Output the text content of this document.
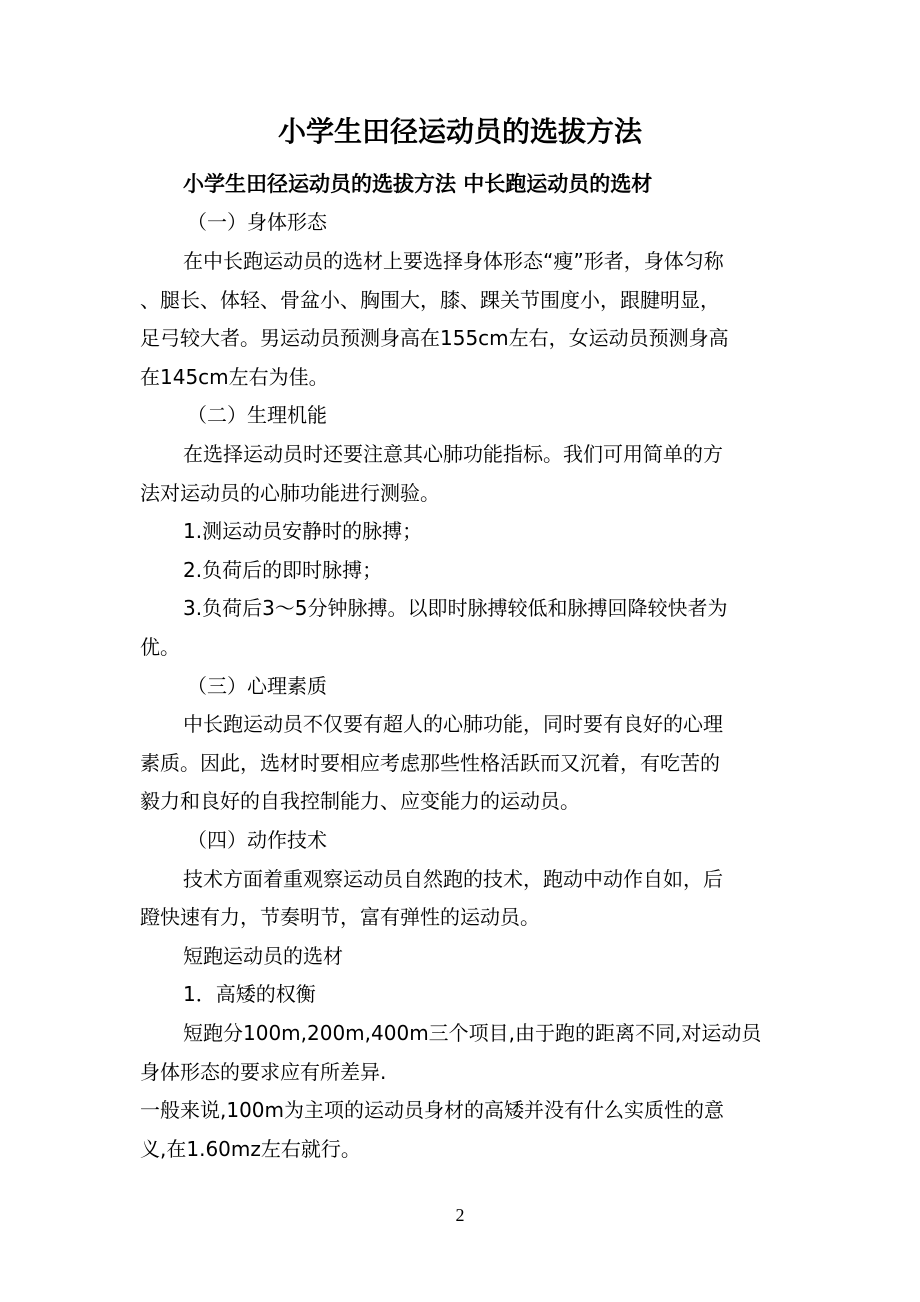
小学生田径运动员的选拔方法
小学生田径运动员的选拔方法 中长跑运动员的选材
（一）身体形态
在中长跑运动员的选材上要选择身体形态“瘦”形者，身体匀称
、腿长、体轻、骨盆小、胸围大，膝、踝关节围度小，跟腱明显，
足弓较大者。男运动员预测身高在155cm左右，女运动员预测身高
在145cm左右为佳。
（二）生理机能
在选择运动员时还要注意其心肺功能指标。我们可用简单的方
法对运动员的心肺功能进行测验。
1.测运动员安静时的脉搏；
2.负荷后的即时脉搏；
3.负荷后3～5分钟脉搏。以即时脉搏较低和脉搏回降较快者为
优。
（三）心理素质
中长跑运动员不仅要有超人的心肺功能，同时要有良好的心理
素质。因此，选材时要相应考虑那些性格活跃而又沉着，有吃苦的
毅力和良好的自我控制能力、应变能力的运动员。
（四）动作技术
技术方面着重观察运动员自然跑的技术，跑动中动作自如，后
蹬快速有力，节奏明节，富有弹性的运动员。
短跑运动员的选材
1．高矮的权衡
短跑分100m,200m,400m三个项目,由于跑的距离不同,对运动员
身体形态的要求应有所差异.
一般来说,100m为主项的运动员身材的高矮并没有什么实质性的意
义,在1.60mz左右就行。
2
